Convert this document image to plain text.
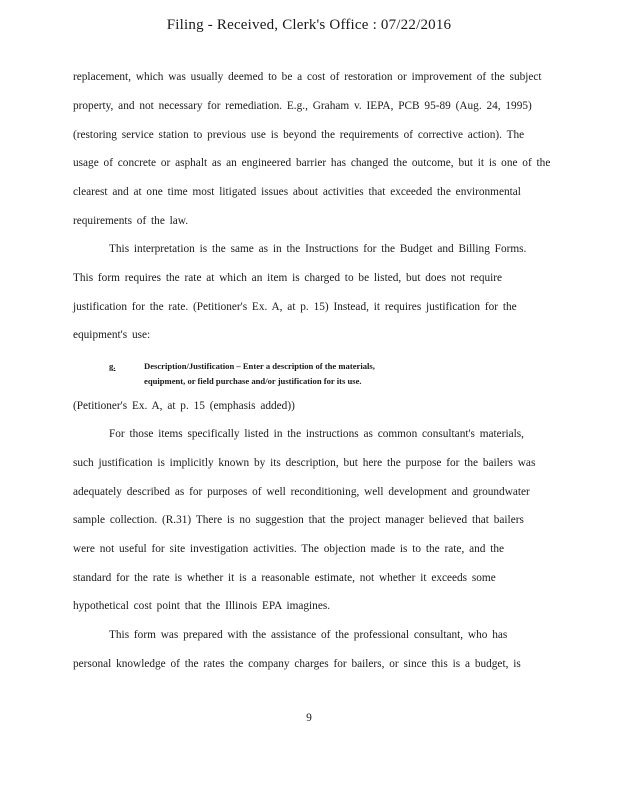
Filing - Received, Clerk's Office : 07/22/2016
replacement, which was usually deemed to be a cost of restoration or improvement of the subject
property, and not necessary for remediation. E.g., Graham v. IEPA, PCB 95-89 (Aug. 24, 1995)
(restoring service station to previous use is beyond the requirements of corrective action). The
usage of concrete or asphalt as an engineered barrier has changed the outcome, but it is one of the
clearest and at one time most litigated issues about activities that exceeded the environmental
requirements of the law.
This interpretation is the same as in the Instructions for the Budget and Billing Forms.
This form requires the rate at which an item is charged to be listed, but does not require
justification for the rate. (Petitioner's Ex. A, at p. 15) Instead, it requires justification for the
equipment's use:
(Petitioner's Ex. A, at p. 15 (emphasis added))
For those items specifically listed in the instructions as common consultant's materials,
such justification is implicitly known by its description, but here the purpose for the bailers was
adequately described as for purposes of well reconditioning, well development and groundwater
sample collection. (R.31) There is no suggestion that the project manager believed that bailers
were not useful for site investigation activities. The objection made is to the rate, and the
standard for the rate is whether it is a reasonable estimate, not whether it exceeds some
hypothetical cost point that the Illinois EPA imagines.
This form was prepared with the assistance of the professional consultant, who has
personal knowledge of the rates the company charges for bailers, or since this is a budget, is
g.	Description/Justification – Enter a description of the materials,
equipment, or field purchase and/or justification for its use.
9
